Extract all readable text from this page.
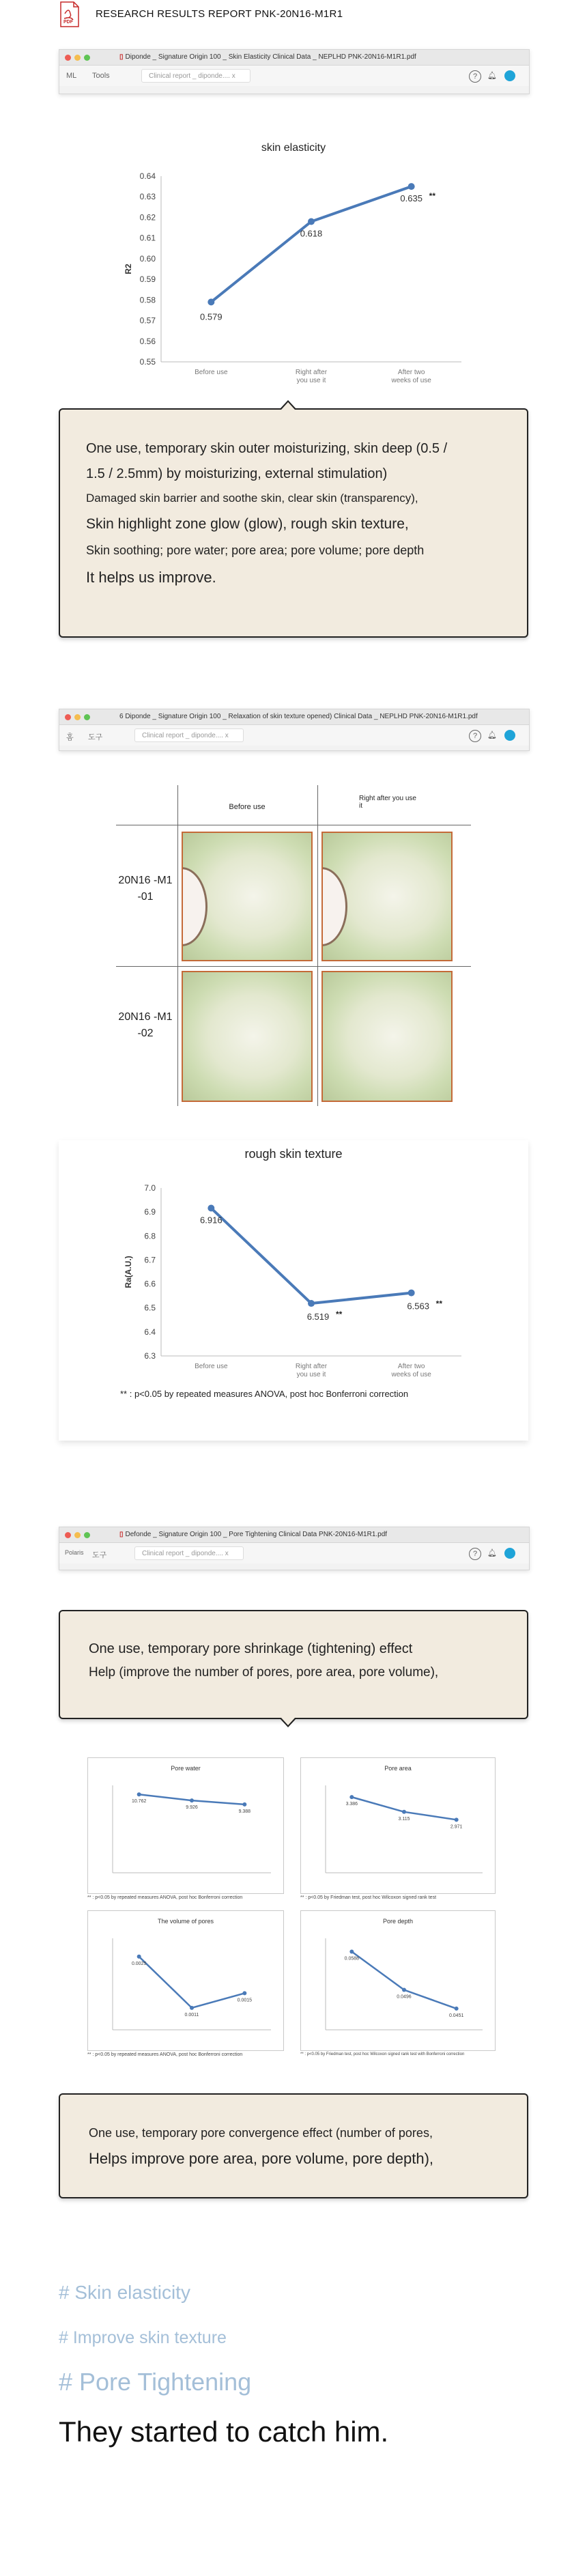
PDF
RESEARCH RESULTS REPORT PNK-20N16-M1R1
▯ Diponde _ Signature Origin 100 _ Skin Elasticity Clinical Data _ NEPLHD PNK-20N16-M1R1.pdf
ML Tools	Clinical report _ diponde.... x	?	🔔︎
skin elasticity
0.64
0.63
0.62
0.61
0.60
0.59
0.58
0.57
0.56
0.55
R2
Before use	Right after you use it
After two weeks of use
0.579
0.618
0.635 **

One use, temporary skin outer moisturizing, skin deep (0.5 /

1.5 / 2.5mm) by moisturizing, external stimulation)

Damaged skin barrier and soothe skin, clear skin (transparency),

Skin highlight zone glow (glow), rough skin texture,

Skin soothing; pore water; pore area; pore volume; pore depth

It helps us improve.

6 Diponde _ Signature Origin 100 _ Relaxation of skin texture opened) Clinical Data _ NEPLHD PNK-20N16-M1R1.pdf
홈 도구	Clinical report _ diponde.... x	?	🔔︎
Before use
Right after you use it
20N16 -M1 -01
20N16 -M1 -02
rough skin texture
7.0
6.9
6.8
6.7
6.6
6.5
6.4
6.3
Ra(A.U.)
Before use	Right after you use it
After two weeks of use
6.916
6.519 **
6.563 **
** : p<0.05 by repeated measures ANOVA, post hoc Bonferroni correction
▯ Defonde _ Signature Origin 100 _ Pore Tightening Clinical Data PNK-20N16-M1R1.pdf
Polaris 도구	Clinical report _ diponde.... x	?	🔔︎

One use, temporary pore shrinkage (tightening) effect

Help (improve the number of pores, pore area, pore volume),

Pore water
10.762
9.926
9.388
** : p<0.05 by repeated measures ANOVA, post hoc Bonferroni correction
Pore area
3.386
3.115
2.971
** : p<0.05 by Friedman test, post hoc Wilcoxon signed rank test
The volume of pores
0.0025
0.0011
0.0015
** : p<0.05 by repeated measures ANOVA, post hoc Bonferroni correction
Pore depth
0.0588
0.0496
0.0451
** : p<0.05 by Friedman test, post hoc Wilcoxon signed rank test with Bonferroni correction

One use, temporary pore convergence effect (number of pores,

Helps improve pore area, pore volume, pore depth),

# Skin elasticity
# Improve skin texture
# Pore Tightening
They started to catch him.
